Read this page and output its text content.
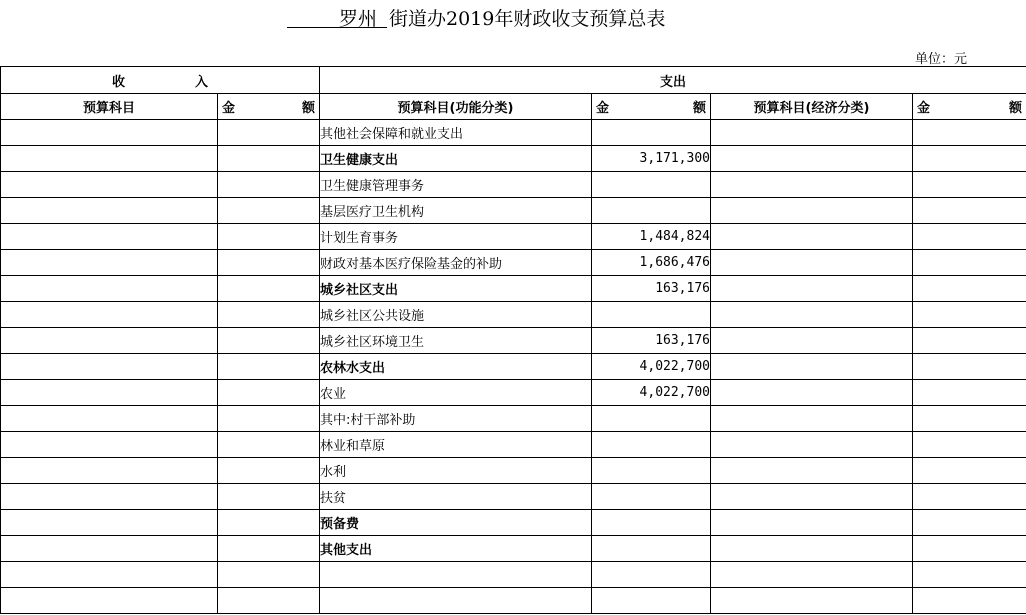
罗州 街道办2019年财政收支预算总表
单位：元
收 入		支出			
预算科目	金 额	预算科目(功能分类)	金 额	预算科目(经济分类)	金 额

		其他社会保障和就业支出			
		卫生健康支出	3,171,300		
		卫生健康管理事务			
		基层医疗卫生机构			
		计划生育事务	1,484,824		
		财政对基本医疗保险基金的补助	1,686,476		
		城乡社区支出	163,176		
		城乡社区公共设施			
		城乡社区环境卫生	163,176		
		农林水支出	4,022,700		
		农业	4,022,700		
		其中:村干部补助			
		林业和草原			
		水利			
		扶贫			
		预备费			
		其他支出			
